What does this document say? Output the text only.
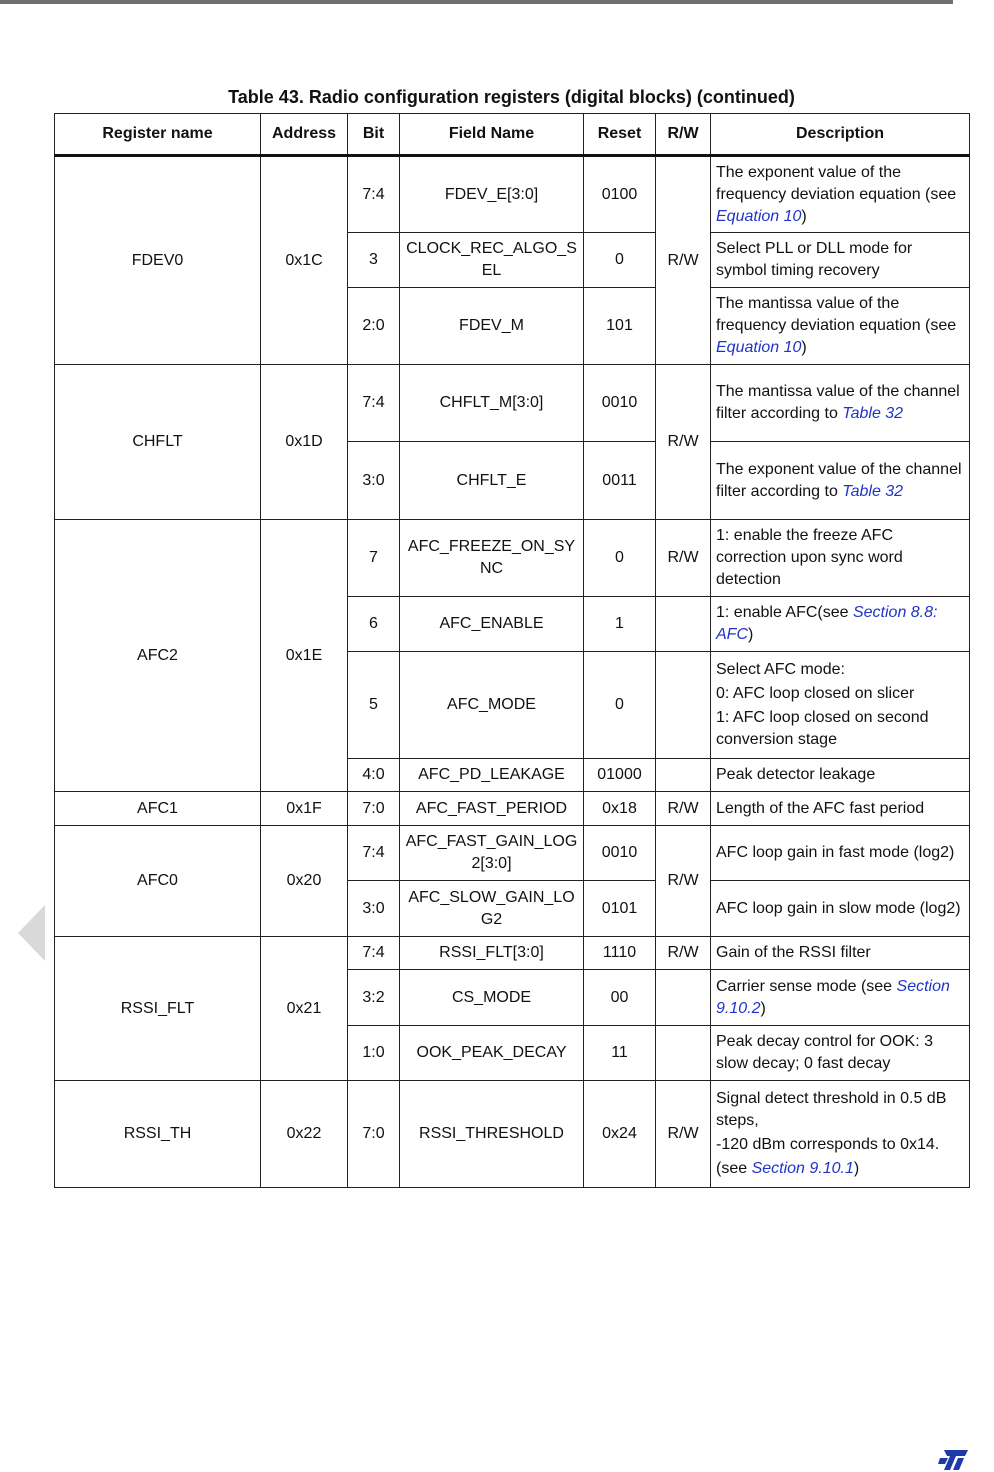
Table 43. Radio configuration registers (digital blocks) (continued)
Register name	Address	Bit	Field Name	Reset	R/W	Description
FDEV0	0x1C	7:4	FDEV_E[3:0]	0100	R/W	The exponent value of the frequency deviation equation (see Equation 10)
		3	CLOCK_REC_ALGO_SEL	0		Select PLL or DLL mode for symbol timing recovery
		2:0	FDEV_M	101		The mantissa value of the frequency deviation equation (see Equation 10)
CHFLT	0x1D	7:4	CHFLT_M[3:0]	0010	R/W	The mantissa value of the channel filter according to Table 32
		3:0	CHFLT_E	0011		The exponent value of the channel filter according to Table 32
AFC2	0x1E	7	AFC_FREEZE_ON_SYNC	0	R/W	1: enable the freeze AFC correction upon sync word detection
		6	AFC_ENABLE	1		1: enable AFC(see Section 8.8: AFC)
		5	AFC_MODE	0		Select AFC mode:
0: AFC loop closed on slicer
1: AFC loop closed on second conversion stage

		4:0	AFC_PD_LEAKAGE	01000		Peak detector leakage
AFC1	0x1F	7:0	AFC_FAST_PERIOD	0x18	R/W	Length of the AFC fast period
AFC0	0x20	7:4	AFC_FAST_GAIN_LOG2[3:0]	0010	R/W	AFC loop gain in fast mode (log2)
		3:0	AFC_SLOW_GAIN_LOG2	0101		AFC loop gain in slow mode (log2)
RSSI_FLT	0x21	7:4	RSSI_FLT[3:0]	1110	R/W	Gain of the RSSI filter
		3:2	CS_MODE	00		Carrier sense mode (see Section 9.10.2)
		1:0	OOK_PEAK_DECAY	11		Peak decay control for OOK: 3 slow decay; 0 fast decay
RSSI_TH	0x22	7:0	RSSI_THRESHOLD	0x24	R/W	Signal detect threshold in 0.5 dB steps,
-120 dBm corresponds to 0x14.
(see Section 9.10.1)
